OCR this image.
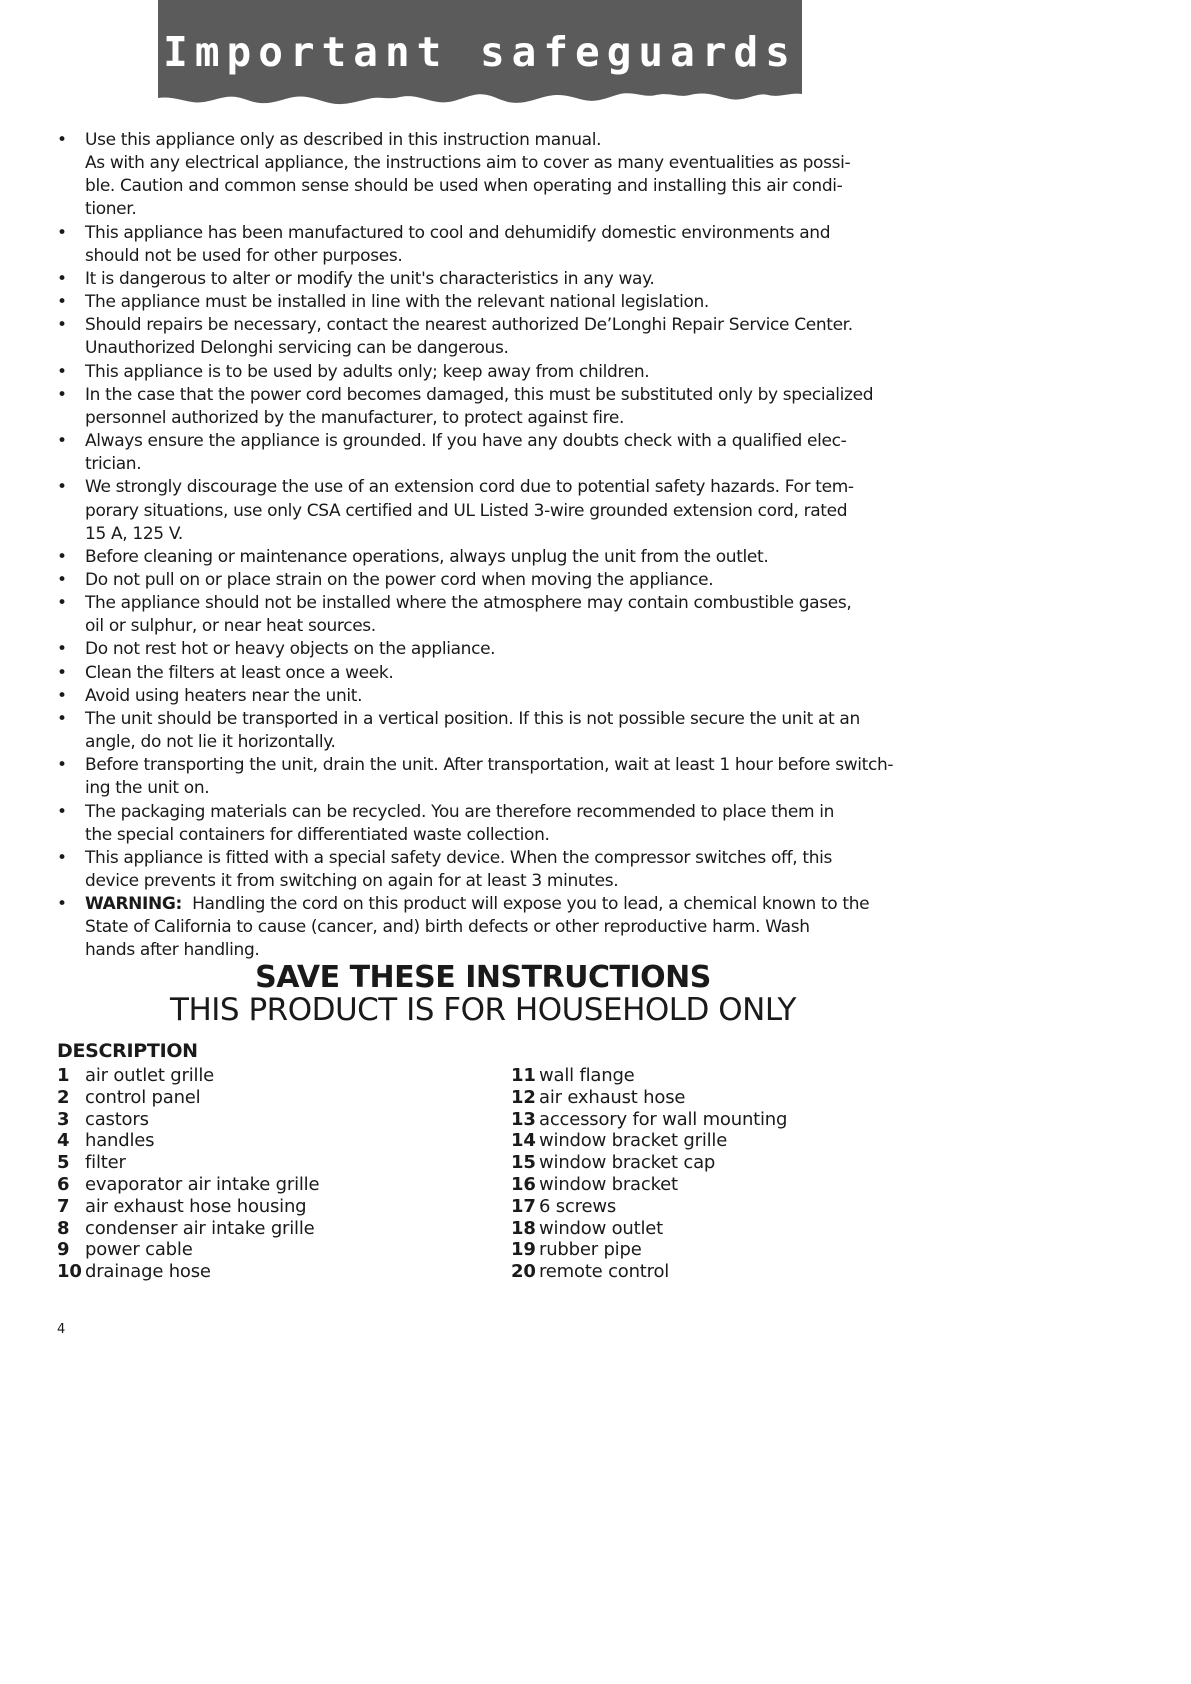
Important safeguards
• Use this appliance only as described in this instruction manual.
As with any electrical appliance, the instructions aim to cover as many eventualities as possi-
ble. Caution and common sense should be used when operating and installing this air condi-
tioner.
• This appliance has been manufactured to cool and dehumidify domestic environments and
should not be used for other purposes.
• It is dangerous to alter or modify the unit's characteristics in any way.
• The appliance must be installed in line with the relevant national legislation.
• Should repairs be necessary, contact the nearest authorized De’Longhi Repair Service Center.
Unauthorized Delonghi servicing can be dangerous.
• This appliance is to be used by adults only; keep away from children.
• In the case that the power cord becomes damaged, this must be substituted only by specialized
personnel authorized by the manufacturer, to protect against fire.
• Always ensure the appliance is grounded. If you have any doubts check with a qualified elec-
trician.
• We strongly discourage the use of an extension cord due to potential safety hazards. For tem-
porary situations, use only CSA certified and UL Listed 3-wire grounded extension cord, rated
15 A, 125 V.
• Before cleaning or maintenance operations, always unplug the unit from the outlet.
• Do not pull on or place strain on the power cord when moving the appliance.
• The appliance should not be installed where the atmosphere may contain combustible gases,
oil or sulphur, or near heat sources.
• Do not rest hot or heavy objects on the appliance.
• Clean the filters at least once a week.
• Avoid using heaters near the unit.
• The unit should be transported in a vertical position. If this is not possible secure the unit at an
angle, do not lie it horizontally.
• Before transporting the unit, drain the unit. After transportation, wait at least 1 hour before switch-
ing the unit on.
• The packaging materials can be recycled. You are therefore recommended to place them in
the special containers for differentiated waste collection.
• This appliance is fitted with a special safety device. When the compressor switches off, this
device prevents it from switching on again for at least 3 minutes.
• WARNING: Handling the cord on this product will expose you to lead, a chemical known to the
State of California to cause (cancer, and) birth defects or other reproductive harm. Wash
hands after handling.
SAVE THESE INSTRUCTIONS
THIS PRODUCT IS FOR HOUSEHOLD ONLY
DESCRIPTION
1 air outlet grille
2 control panel
3 castors
4 handles
5 filter
6 evaporator air intake grille
7 air exhaust hose housing
8 condenser air intake grille
9 power cable
10 drainage hose
11 wall flange
12 air exhaust hose
13 accessory for wall mounting
14 window bracket grille
15 window bracket cap
16 window bracket
17 6 screws
18 window outlet
19 rubber pipe
20 remote control
4
